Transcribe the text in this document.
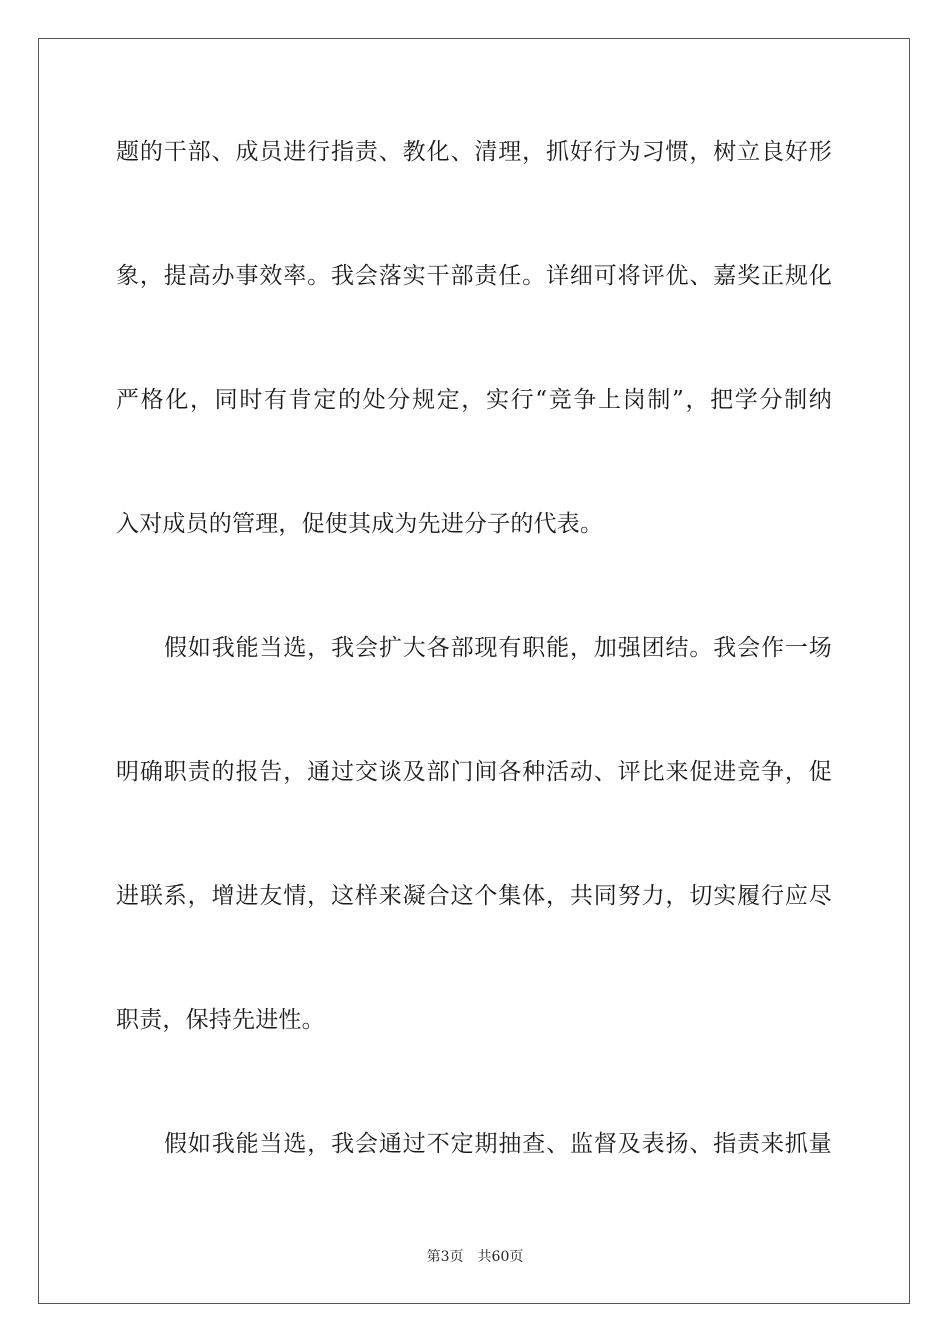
题的干部、成员进行指责、教化、清理，抓好行为习惯，树立良好形
象，提高办事效率。我会落实干部责任。详细可将评优、嘉奖正规化
严格化，同时有肯定的处分规定，实行“竞争上岗制”，把学分制纳
入对成员的管理，促使其成为先进分子的代表。
假如我能当选，我会扩大各部现有职能，加强团结。我会作一场
明确职责的报告，通过交谈及部门间各种活动、评比来促进竞争，促
进联系，增进友情，这样来凝合这个集体，共同努力，切实履行应尽
职责，保持先进性。
假如我能当选，我会通过不定期抽查、监督及表扬、指责来抓量
第3页 共60页
